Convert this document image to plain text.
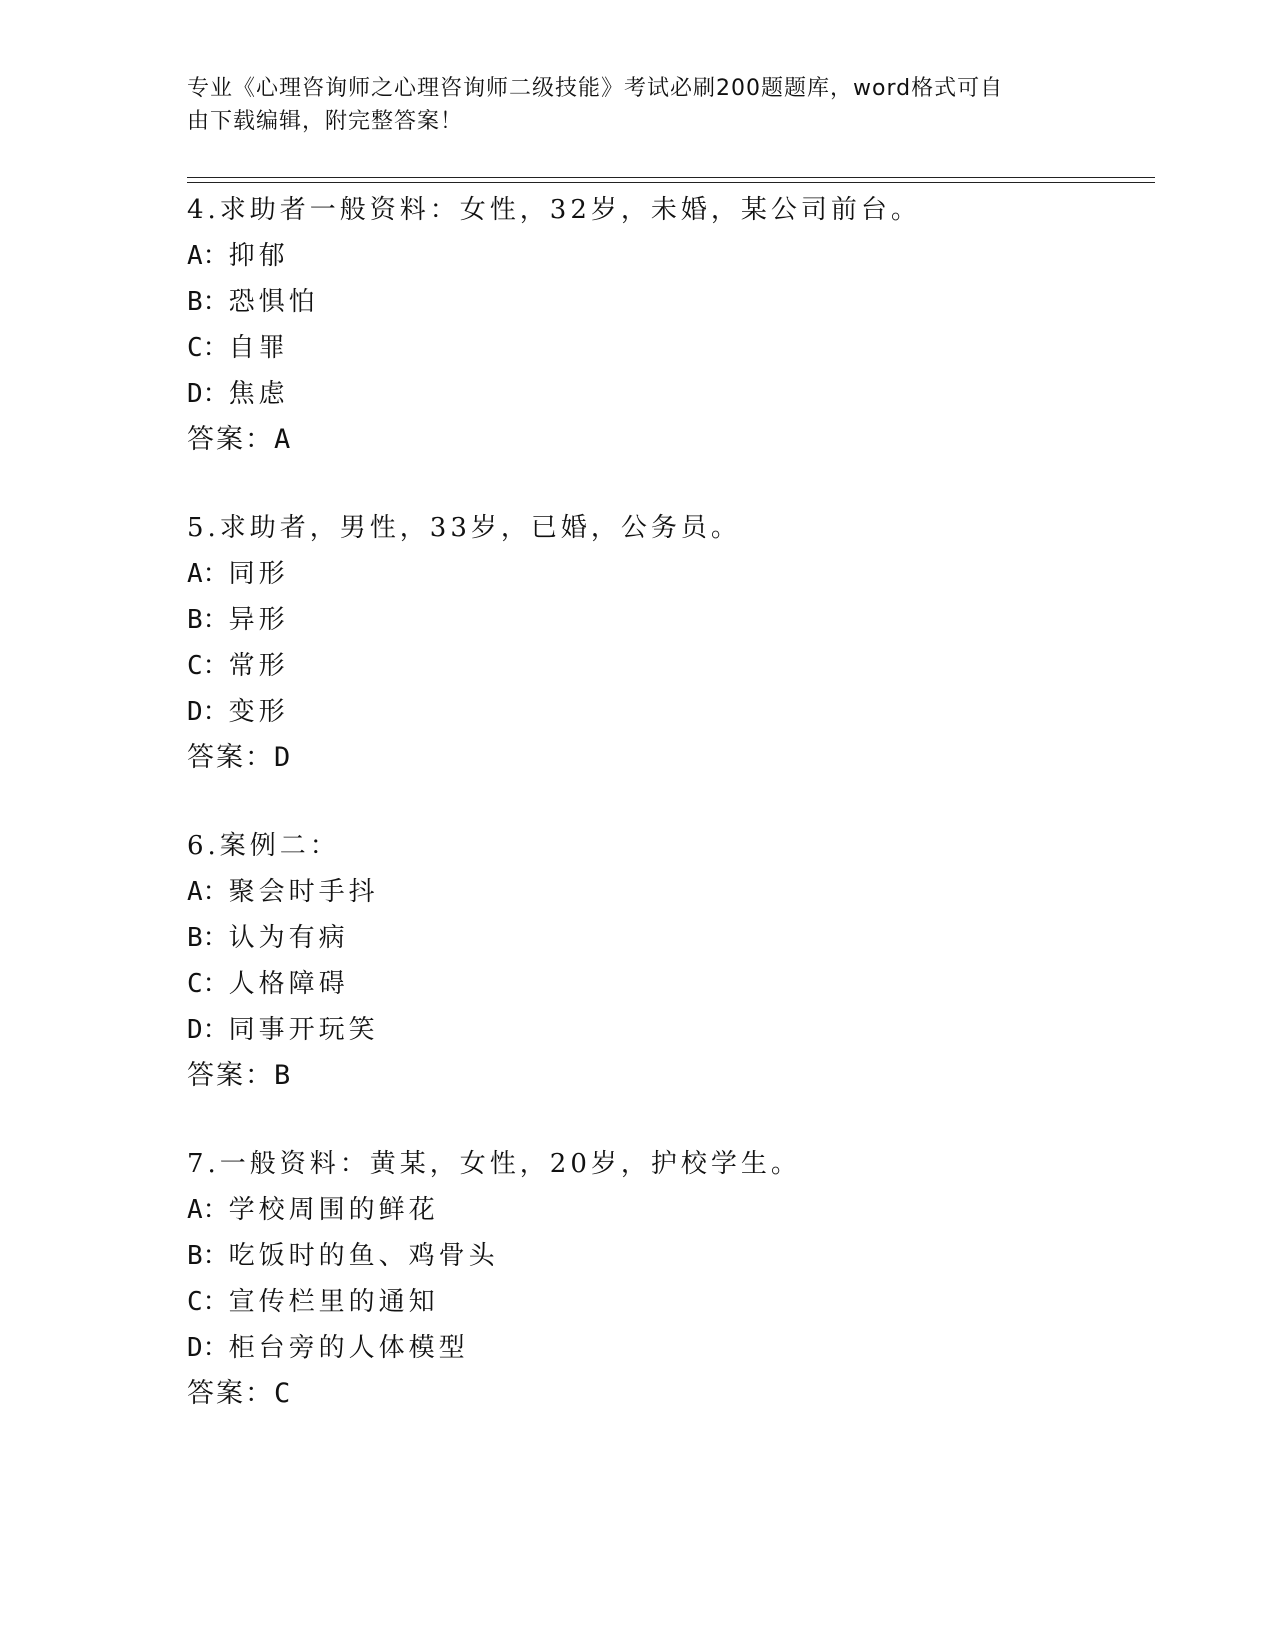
专业《心理咨询师之心理咨询师二级技能》考试必刷200题题库，word格式可自
由下载编辑，附完整答案！
4.求助者一般资料：女性，32岁，未婚，某公司前台。
A：抑郁
B：恐惧怕
C：自罪
D：焦虑
答案：A
5.求助者，男性，33岁，已婚，公务员。
A：同形
B：异形
C：常形
D：变形
答案：D
6.案例二：
A：聚会时手抖
B：认为有病
C：人格障碍
D：同事开玩笑
答案：B
7.一般资料：黄某，女性，20岁，护校学生。
A：学校周围的鲜花
B：吃饭时的鱼、鸡骨头
C：宣传栏里的通知
D：柜台旁的人体模型
答案：C
